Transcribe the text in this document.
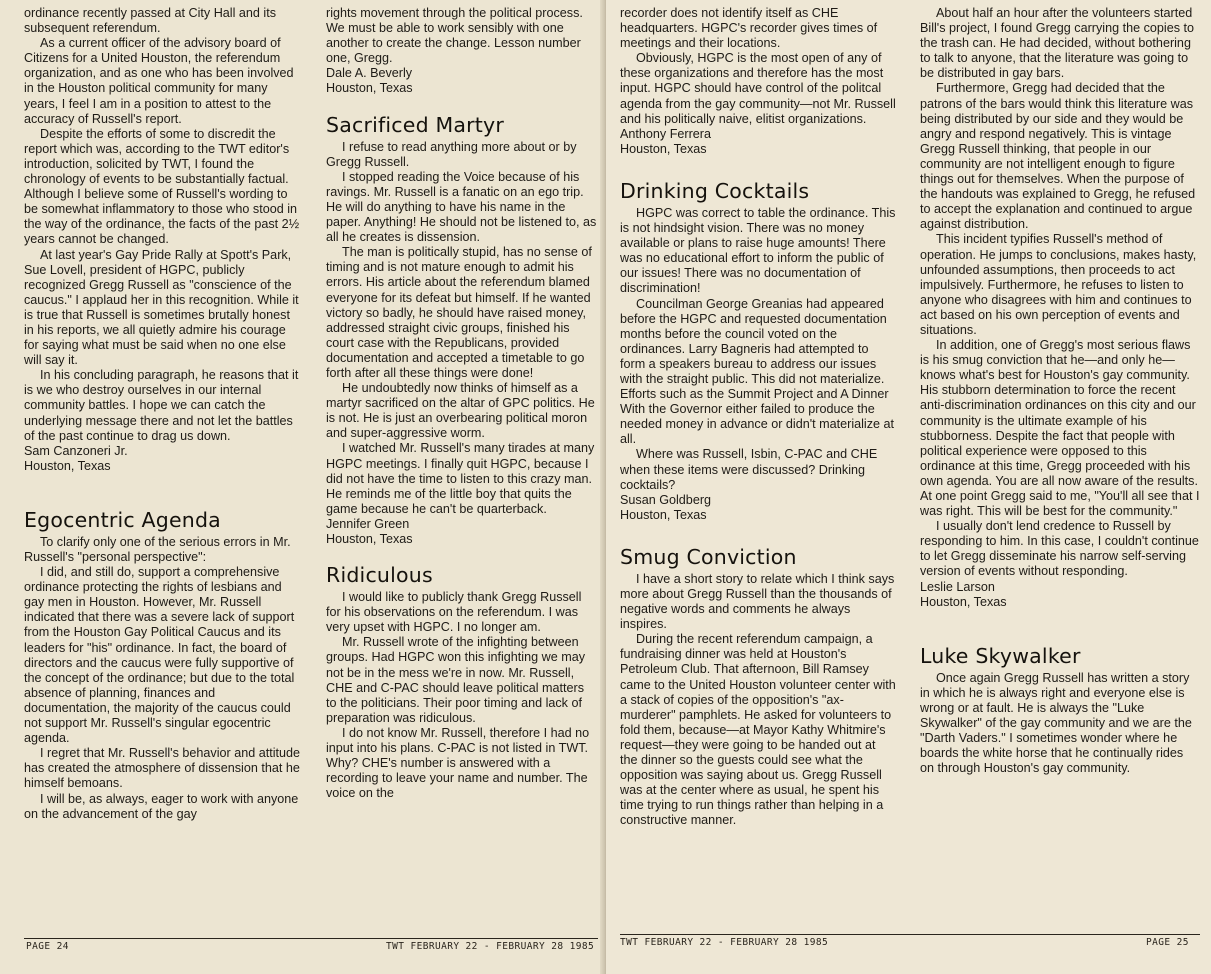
ordinance recently passed at City Hall and its subsequent referendum.

As a current officer of the advisory board of Citizens for a United Houston, the referendum organization, and as one who has been involved in the Houston political community for many years, I feel I am in a position to attest to the accuracy of Russell's report.

Despite the efforts of some to discredit the report which was, according to the TWT editor's introduction, solicited by TWT, I found the chronology of events to be substantially factual. Although I believe some of Russell's wording to be somewhat inflammatory to those who stood in the way of the ordinance, the facts of the past 2½ years cannot be changed.

At last year's Gay Pride Rally at Spott's Park, Sue Lovell, president of HGPC, publicly recognized Gregg Russell as "conscience of the caucus." I applaud her in this recognition. While it is true that Russell is sometimes brutally honest in his reports, we all quietly admire his courage for saying what must be said when no one else will say it.

In his concluding paragraph, he reasons that it is we who destroy ourselves in our internal community battles. I hope we can catch the underlying message there and not let the battles of the past continue to drag us down.

Sam Canzoneri Jr.
Houston, Texas
Egocentric Agenda

To clarify only one of the serious errors in Mr. Russell's "personal perspective":

I did, and still do, support a comprehensive ordinance protecting the rights of lesbians and gay men in Houston. However, Mr. Russell indicated that there was a severe lack of support from the Houston Gay Political Caucus and its leaders for "his" ordinance. In fact, the board of directors and the caucus were fully supportive of the concept of the ordinance; but due to the total absence of planning, finances and documentation, the majority of the caucus could not support Mr. Russell's singular egocentric agenda.

I regret that Mr. Russell's behavior and attitude has created the atmosphere of dissension that he himself bemoans.

I will be, as always, eager to work with anyone on the advancement of the gay

rights movement through the political process. We must be able to work sensibly with one another to create the change. Lesson number one, Gregg.

Dale A. Beverly
Houston, Texas
Sacrificed Martyr

I refuse to read anything more about or by Gregg Russell.

I stopped reading the Voice because of his ravings. Mr. Russell is a fanatic on an ego trip. He will do anything to have his name in the paper. Anything! He should not be listened to, as all he creates is dissension.

The man is politically stupid, has no sense of timing and is not mature enough to admit his errors. His article about the referendum blamed everyone for its defeat but himself. If he wanted victory so badly, he should have raised money, addressed straight civic groups, finished his court case with the Republicans, provided documentation and accepted a timetable to go forth after all these things were done!

He undoubtedly now thinks of himself as a martyr sacrificed on the altar of GPC politics. He is not. He is just an overbearing political moron and super-aggressive worm.

I watched Mr. Russell's many tirades at many HGPC meetings. I finally quit HGPC, because I did not have the time to listen to this crazy man. He reminds me of the little boy that quits the game because he can't be quarterback.

Jennifer Green
Houston, Texas
Ridiculous

I would like to publicly thank Gregg Russell for his observations on the referendum. I was very upset with HGPC. I no longer am.

Mr. Russell wrote of the infighting between groups. Had HGPC won this infighting we may not be in the mess we're in now. Mr. Russell, CHE and C-PAC should leave political matters to the politicians. Their poor timing and lack of preparation was ridiculous.

I do not know Mr. Russell, therefore I had no input into his plans. C-PAC is not listed in TWT. Why? CHE's number is answered with a recording to leave your name and number. The voice on the

PAGE 24	TWT FEBRUARY 22 - FEBRUARY 28 1985

recorder does not identify itself as CHE headquarters. HGPC's recorder gives times of meetings and their locations.

Obviously, HGPC is the most open of any of these organizations and therefore has the most input. HGPC should have control of the politcal agenda from the gay community—not Mr. Russell and his politically naive, elitist organizations.

Anthony Ferrera
Houston, Texas
Drinking Cocktails

HGPC was correct to table the ordinance. This is not hindsight vision. There was no money available or plans to raise huge amounts! There was no educational effort to inform the public of our issues! There was no documentation of discrimination!

Councilman George Greanias had appeared before the HGPC and requested documentation months before the council voted on the ordinances. Larry Bagneris had attempted to form a speakers bureau to address our issues with the straight public. This did not materialize. Efforts such as the Summit Project and A Dinner With the Governor either failed to produce the needed money in advance or didn't materialize at all.

Where was Russell, Isbin, C-PAC and CHE when these items were discussed? Drinking cocktails?

Susan Goldberg
Houston, Texas
Smug Conviction

I have a short story to relate which I think says more about Gregg Russell than the thousands of negative words and comments he always inspires.

During the recent referendum campaign, a fundraising dinner was held at Houston's Petroleum Club. That afternoon, Bill Ramsey came to the United Houston volunteer center with a stack of copies of the opposition's "ax-murderer" pamphlets. He asked for volunteers to fold them, because—at Mayor Kathy Whitmire's request—they were going to be handed out at the dinner so the guests could see what the opposition was saying about us. Gregg Russell was at the center where as usual, he spent his time trying to run things rather than helping in a constructive manner.

About half an hour after the volunteers started Bill's project, I found Gregg carrying the copies to the trash can. He had decided, without bothering to talk to anyone, that the literature was going to be distributed in gay bars.

Furthermore, Gregg had decided that the patrons of the bars would think this literature was being distributed by our side and they would be angry and respond negatively. This is vintage Gregg Russell thinking, that people in our community are not intelligent enough to figure things out for themselves. When the purpose of the handouts was explained to Gregg, he refused to accept the explanation and continued to argue against distribution.

This incident typifies Russell's method of operation. He jumps to conclusions, makes hasty, unfounded assumptions, then proceeds to act impulsively. Furthermore, he refuses to listen to anyone who disagrees with him and continues to act based on his own perception of events and situations.

In addition, one of Gregg's most serious flaws is his smug conviction that he—and only he—knows what's best for Houston's gay community. His stubborn determination to force the recent anti-discrimination ordinances on this city and our community is the ultimate example of his stubborness. Despite the fact that people with political experience were opposed to this ordinance at this time, Gregg proceeded with his own agenda. You are all now aware of the results. At one point Gregg said to me, "You'll all see that I was right. This will be best for the community."

I usually don't lend credence to Russell by responding to him. In this case, I couldn't continue to let Gregg disseminate his narrow self-serving version of events without responding.

Leslie Larson
Houston, Texas
Luke Skywalker

Once again Gregg Russell has written a story in which he is always right and everyone else is wrong or at fault. He is always the "Luke Skywalker" of the gay community and we are the "Darth Vaders." I sometimes wonder where he boards the white horse that he continually rides on through Houston's gay community.

TWT FEBRUARY 22 - FEBRUARY 28 1985	PAGE 25
